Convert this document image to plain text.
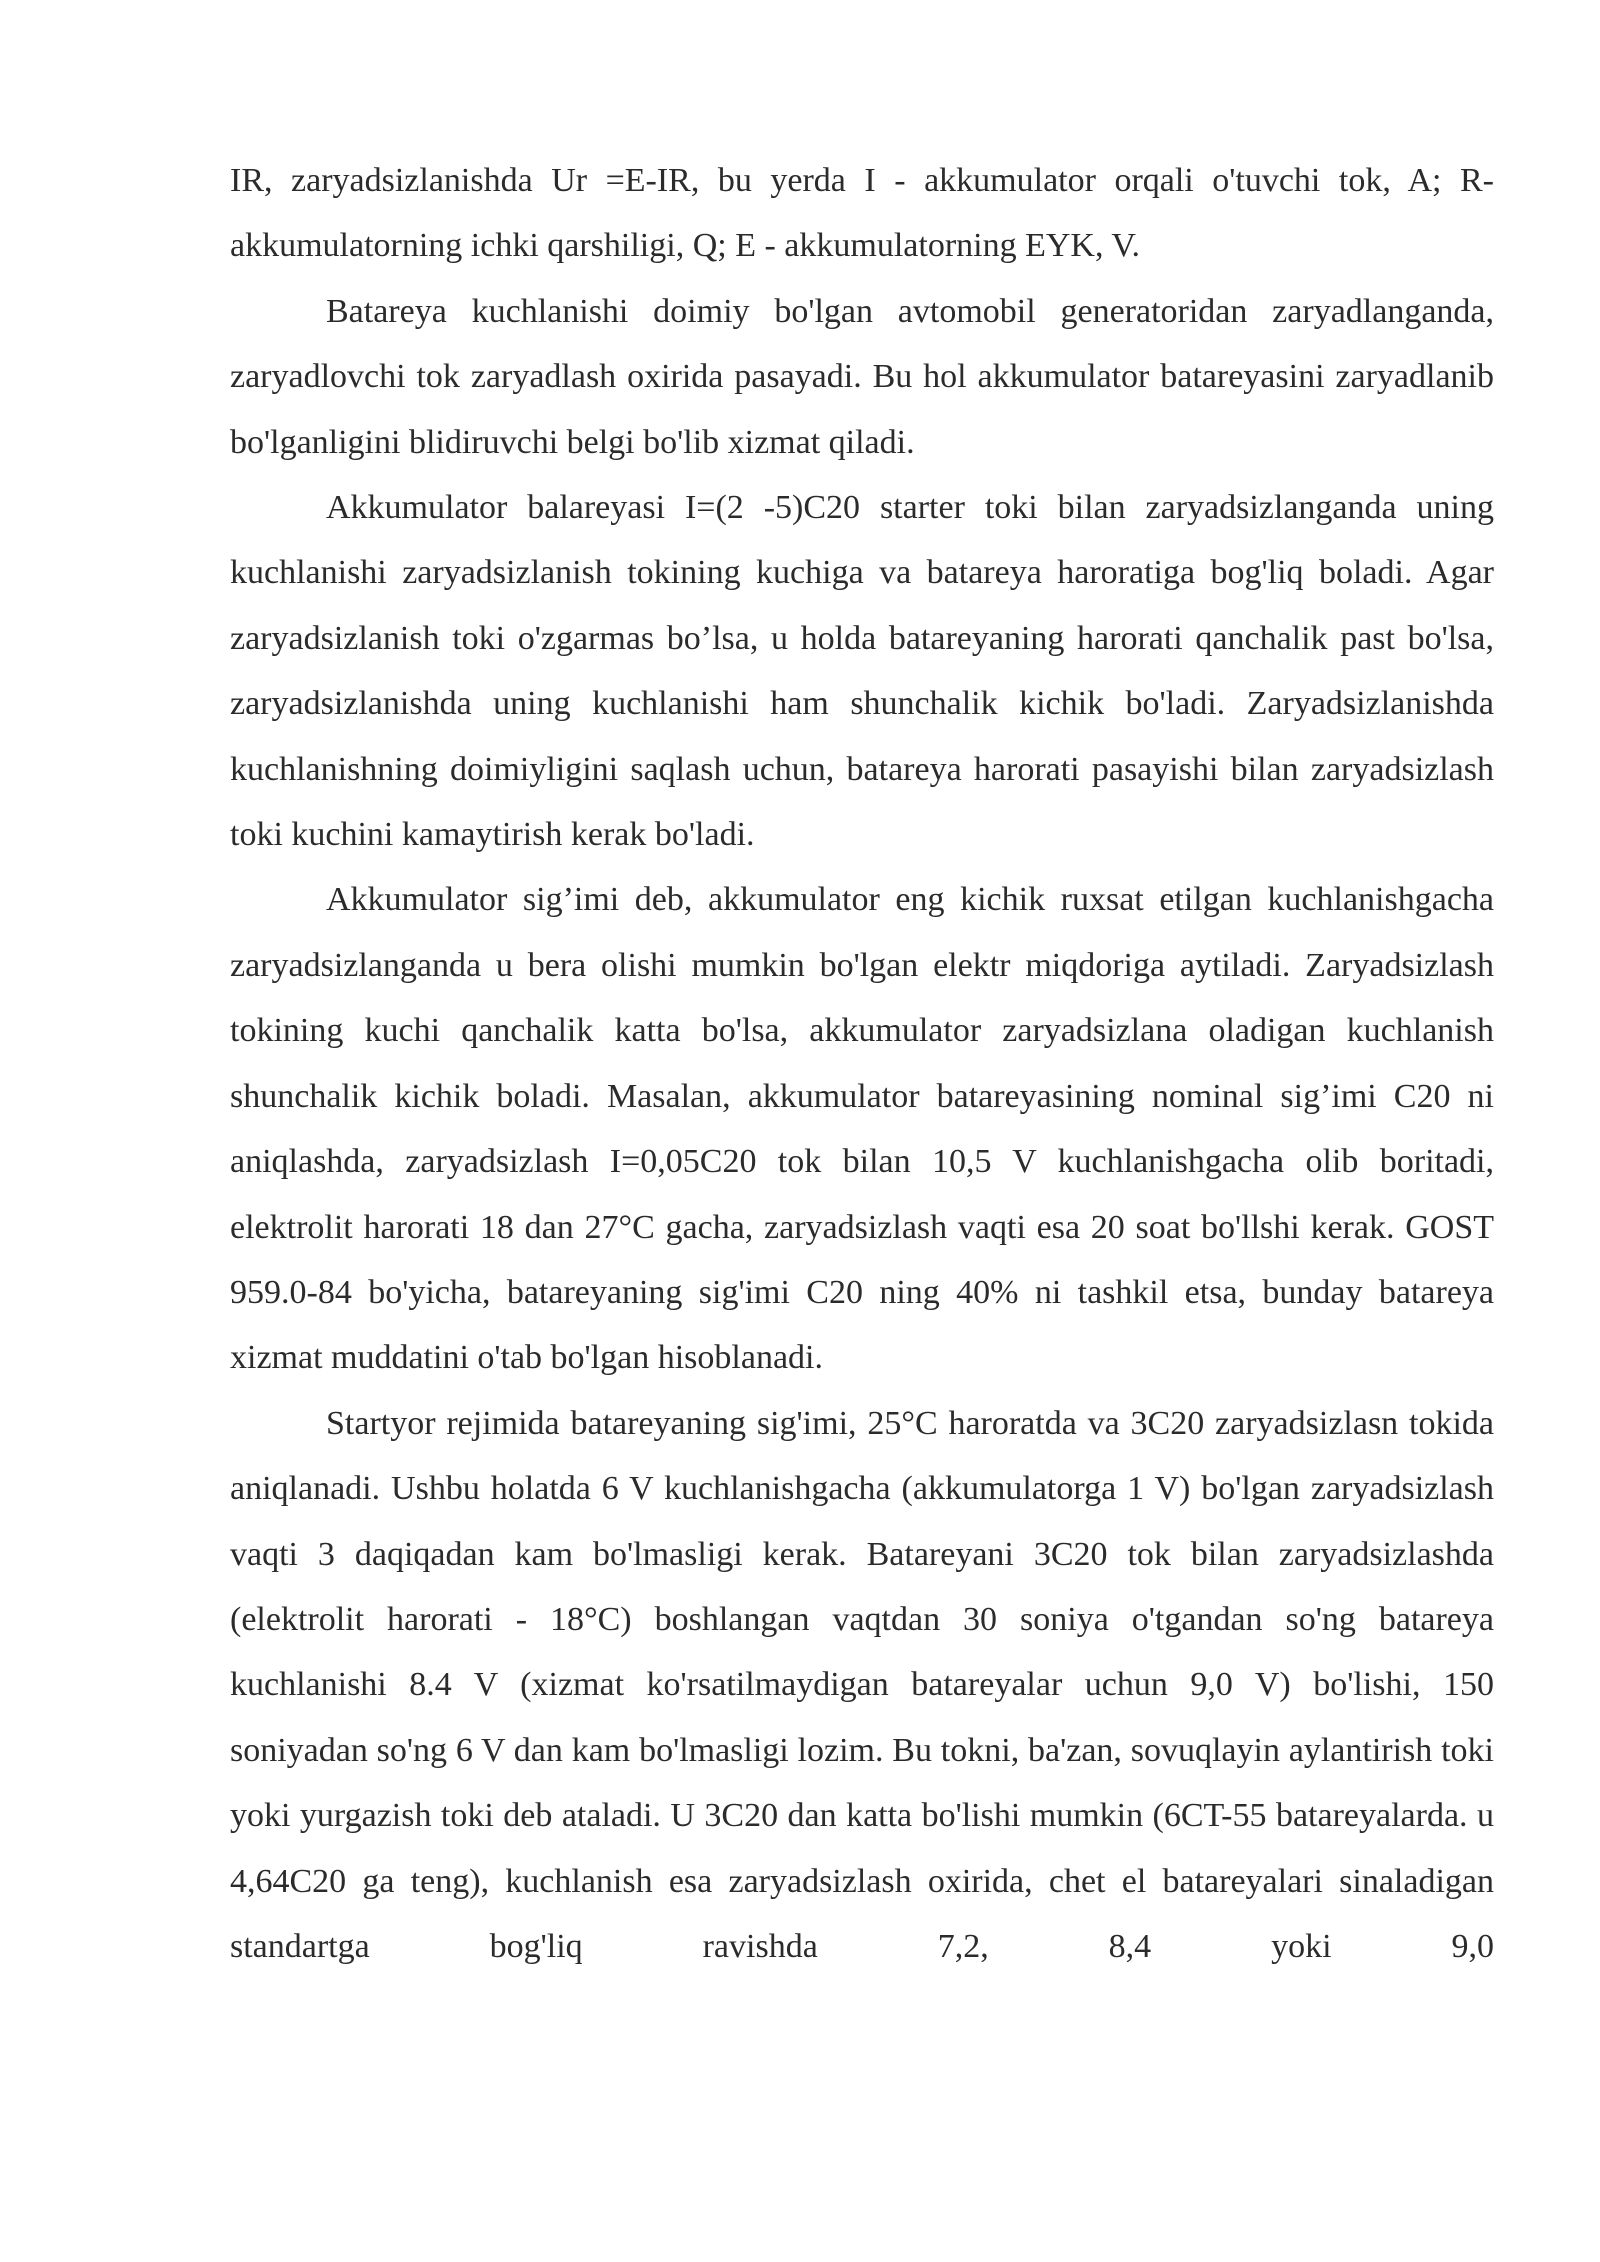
IR, zaryadsizlanishda Ur =E-IR, bu yerda I - akkumulator orqali o'tuvchi tok, A; R- akkumulatorning ichki qarshiligi, Q; E - akkumulatorning EYK, V.

Batareya kuchlanishi doimiy bo'lgan avtomobil generatoridan zaryadlanganda, zaryadlovchi tok zaryadlash oxirida pasayadi. Bu hol akkumulator batareyasini zaryadlanib bo'lganligini blidiruvchi belgi bo'lib xizmat qiladi.

Akkumulator balareyasi I=(2 -5)C20 starter toki bilan zaryadsizlanganda uning kuchlanishi zaryadsizlanish tokining kuchiga va batareya haroratiga bog'liq boladi. Agar zaryadsizlanish toki o'zgarmas bo’lsa, u holda batareyaning harorati qanchalik past bo'lsa, zaryadsizlanishda uning kuchlanishi ham shunchalik kichik bo'ladi. Zaryadsizlanishda kuchlanishning doimiyligini saqlash uchun, batareya harorati pasayishi bilan zaryadsizlash toki kuchini kamaytirish kerak bo'ladi.

Akkumulator sig’imi deb, akkumulator eng kichik ruxsat etilgan kuchlanishgacha zaryadsizlanganda u bera olishi mumkin bo'lgan elektr miqdoriga aytiladi. Zaryadsizlash tokining kuchi qanchalik katta bo'lsa, akkumulator zaryadsizlana oladigan kuchlanish shunchalik kichik boladi. Masalan, akkumulator batareyasining nominal sig’imi C20 ni aniqlashda, zaryadsizlash I=0,05C20 tok bilan 10,5 V kuchlanishgacha olib boritadi, elektrolit harorati 18 dan 27°C gacha, zaryadsizlash vaqti esa 20 soat bo'llshi kerak. GOST 959.0-84 bo'yicha, batareyaning sig'imi C20 ning 40% ni tashkil etsa, bunday batareya xizmat muddatini o'tab bo'lgan hisoblanadi.

Startyor rejimida batareyaning sig'imi, 25°C haroratda va 3C20 zaryadsizlasn tokida aniqlanadi. Ushbu holatda 6 V kuchlanishgacha (akkumulatorga 1 V) bo'lgan zaryadsizlash vaqti 3 daqiqadan kam bo'lmasligi kerak. Batareyani 3C20 tok bilan zaryadsizlashda (elektrolit harorati - 18°C) boshlangan vaqtdan 30 soniya o'tgandan so'ng batareya kuchlanishi 8.4 V (xizmat ko'rsatilmaydigan batareyalar uchun 9,0 V) bo'lishi, 150 soniyadan so'ng 6 V dan kam bo'lmasligi lozim. Bu tokni, ba'zan, sovuqlayin aylantirish toki yoki yurgazish toki deb ataladi. U 3C20 dan katta bo'lishi mumkin (6CT-55 batareyalarda. u 4,64C20 ga teng), kuchlanish esa zaryadsizlash oxirida, chet el batareyalari sinaladigan standartga bog'liq ravishda 7,2, 8,4 yoki 9,0
